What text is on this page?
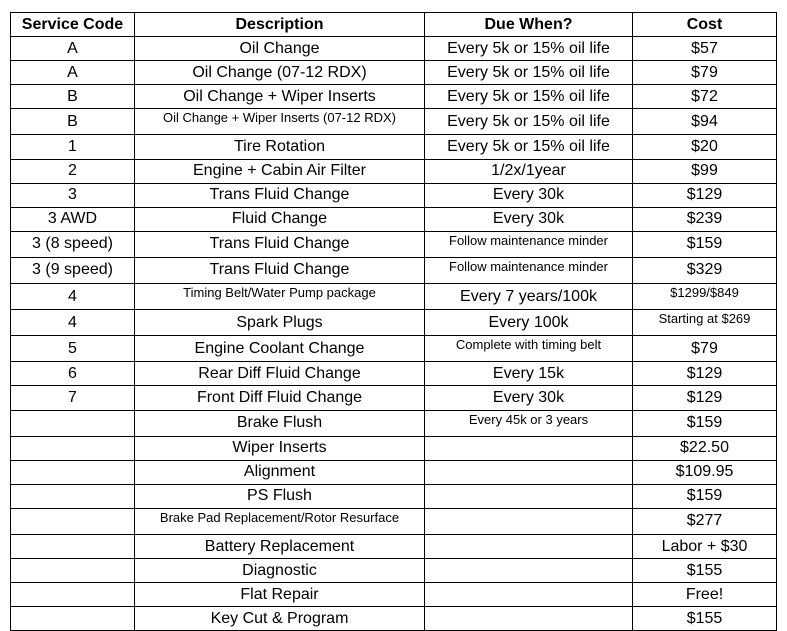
Service Code	Description	Due When?	Cost
A	Oil Change	Every 5k or 15% oil life	$57
A	Oil Change (07-12 RDX)	Every 5k or 15% oil life	$79
B	Oil Change + Wiper Inserts	Every 5k or 15% oil life	$72
B	Oil Change + Wiper Inserts (07-12 RDX)	Every 5k or 15% oil life	$94
1	Tire Rotation	Every 5k or 15% oil life	$20
2	Engine + Cabin Air Filter	1/2x/1year	$99
3	Trans Fluid Change	Every 30k	$129
3 AWD	Fluid Change	Every 30k	$239
3 (8 speed)	Trans Fluid Change	Follow maintenance minder	$159
3 (9 speed)	Trans Fluid Change	Follow maintenance minder	$329
4	Timing Belt/Water Pump package	Every 7 years/100k	$1299/$849
4	Spark Plugs	Every 100k	Starting at $269
5	Engine Coolant Change	Complete with timing belt	$79
6	Rear Diff Fluid Change	Every 15k	$129
7	Front Diff Fluid Change	Every 30k	$129
	Brake Flush	Every 45k or 3 years	$159
	Wiper Inserts		$22.50
	Alignment		$109.95
	PS Flush		$159
	Brake Pad Replacement/Rotor Resurface		$277
	Battery Replacement		Labor + $30
	Diagnostic		$155
	Flat Repair		Free!
	Key Cut & Program		$155
